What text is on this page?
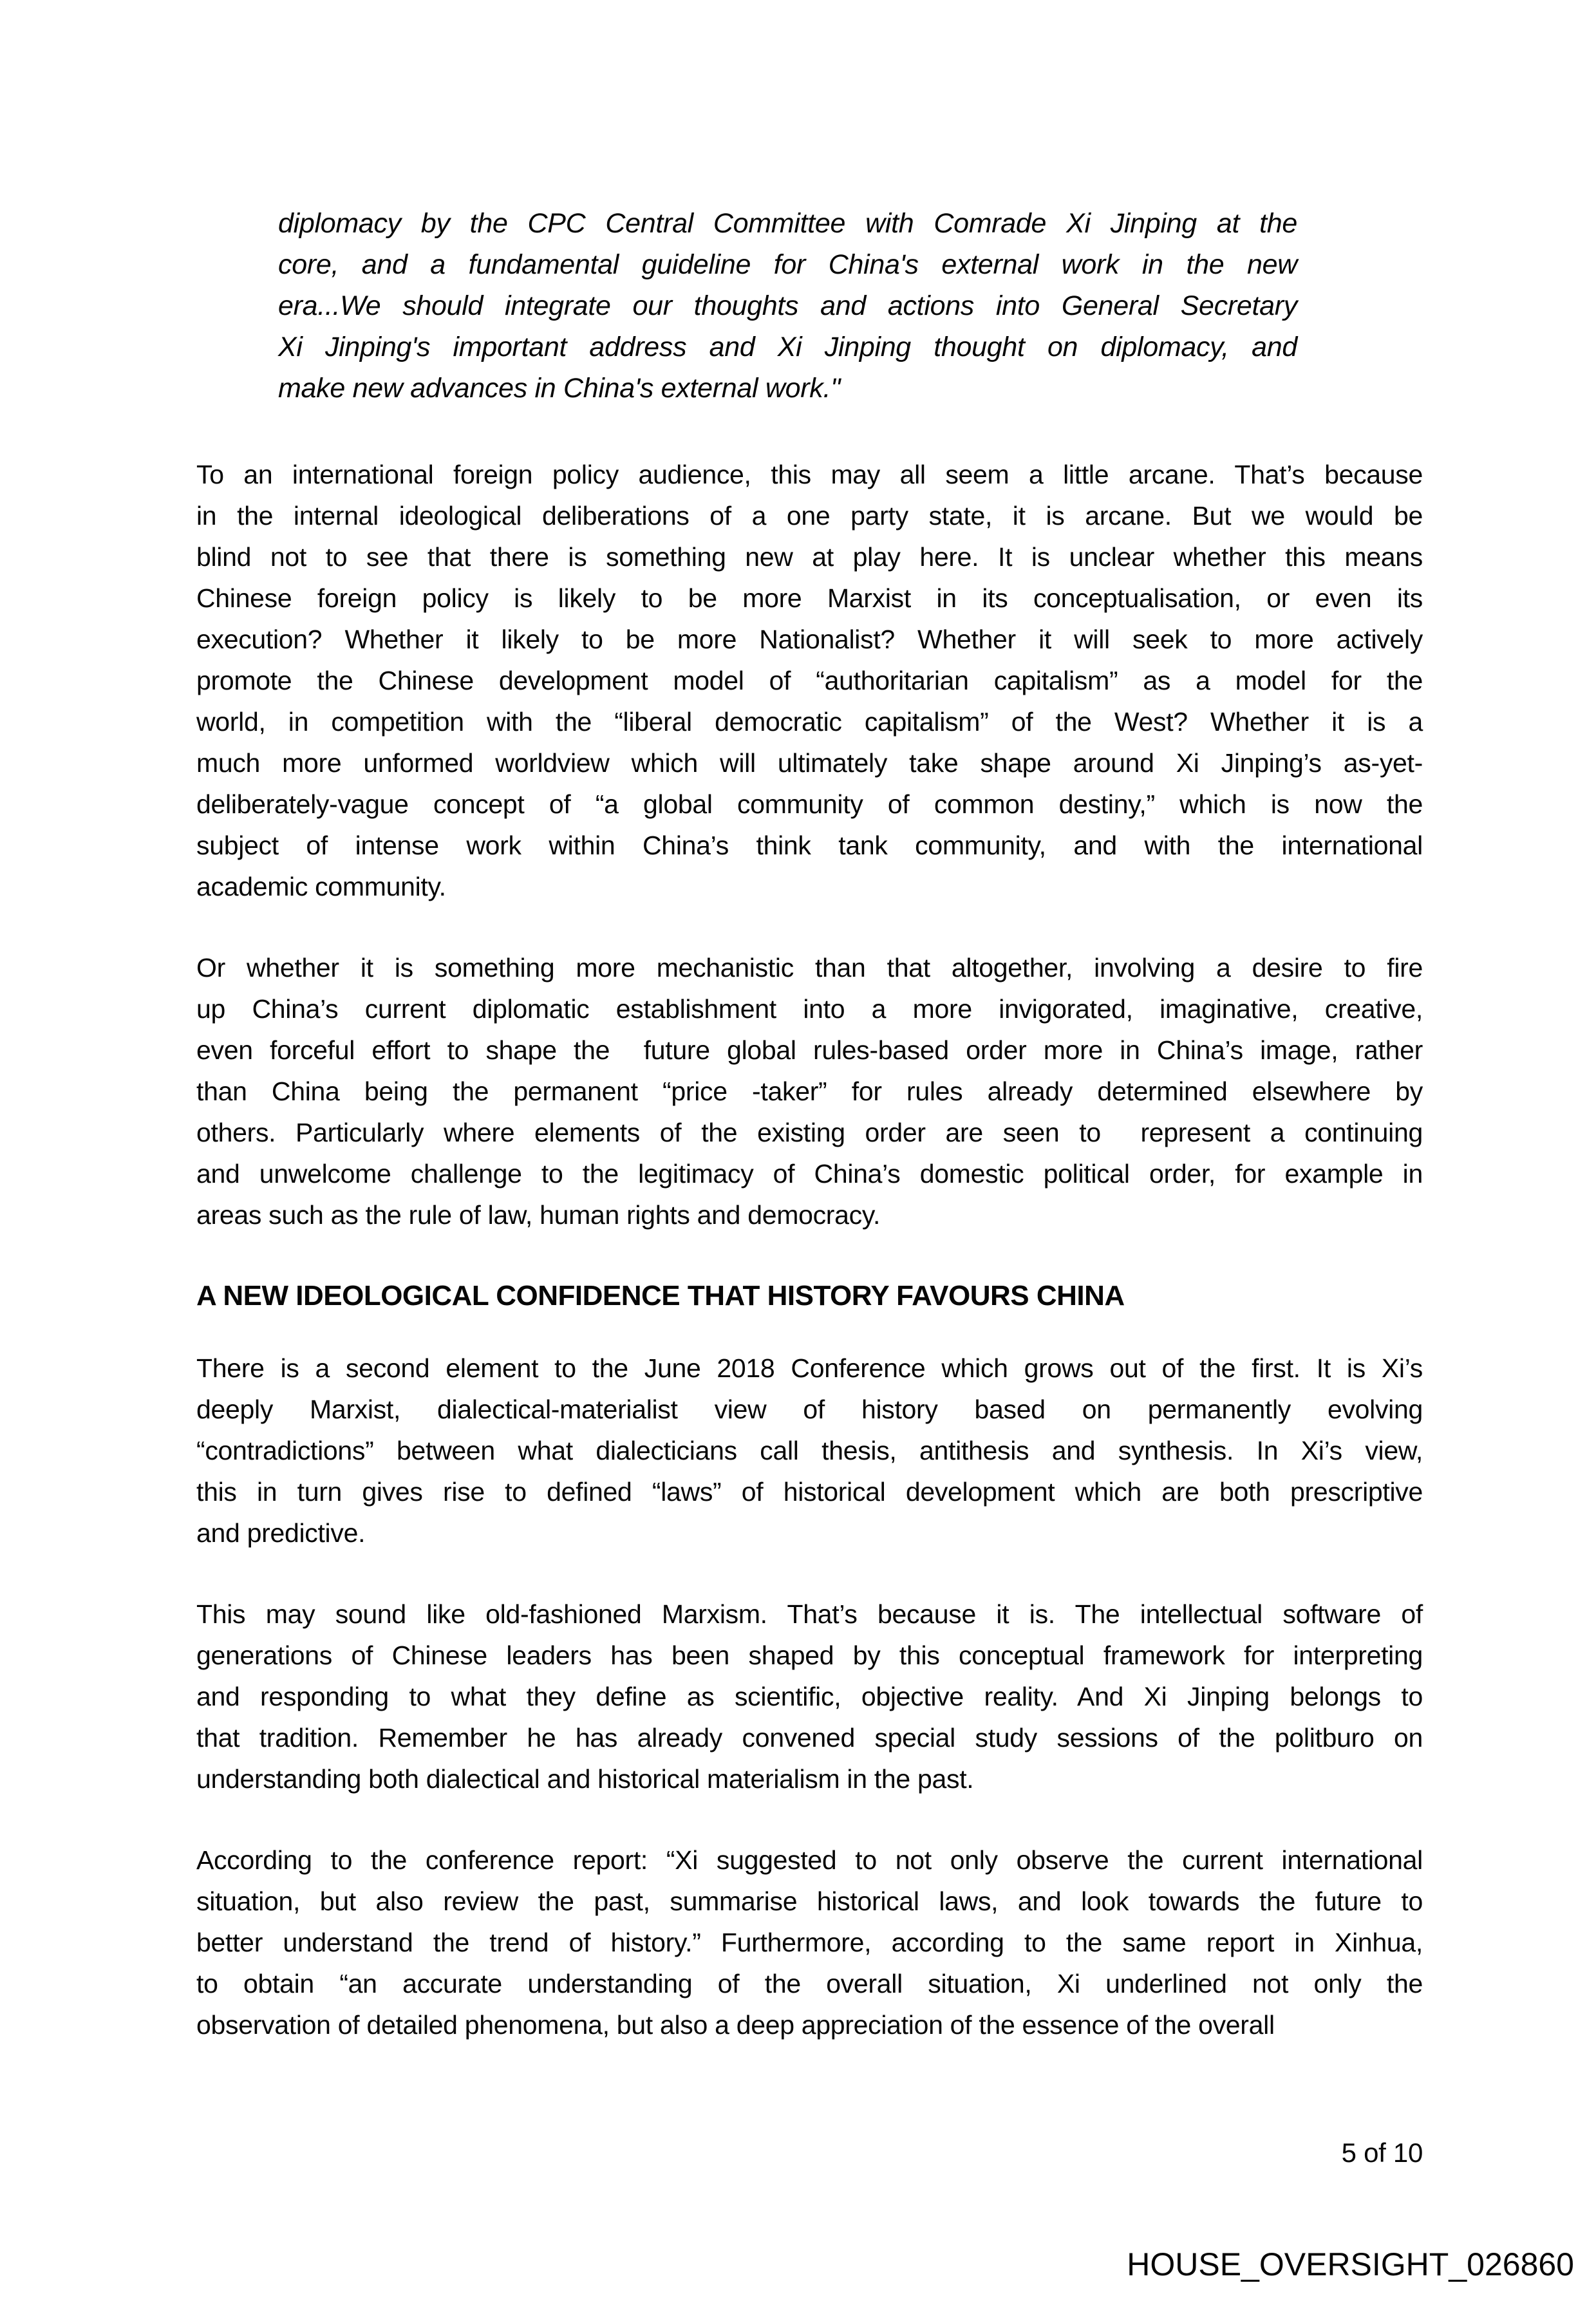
diplomacy by the CPC Central Committee with Comrade Xi Jinping at the
core, and a fundamental guideline for China's external work in the new
era...We should integrate our thoughts and actions into General Secretary
Xi Jinping's important address and Xi Jinping thought on diplomacy, and
make new advances in China's external work."
To an international foreign policy audience, this may all seem a little arcane. That’s because
in the internal ideological deliberations of a one party state, it is arcane. But we would be
blind not to see that there is something new at play here. It is unclear whether this means
Chinese foreign policy is likely to be more Marxist in its conceptualisation, or even its
execution? Whether it likely to be more Nationalist? Whether it will seek to more actively
promote the Chinese development model of “authoritarian capitalism” as a model for the
world, in competition with the “liberal democratic capitalism” of the West? Whether it is a
much more unformed worldview which will ultimately take shape around Xi Jinping’s as-yet-
deliberately-vague concept of “a global community of common destiny,” which is now the
subject of intense work within China’s think tank community, and with the international
academic community.
Or whether it is something more mechanistic than that altogether, involving a desire to fire
up China’s current diplomatic establishment into a more invigorated, imaginative, creative,
even forceful effort to shape the  future global rules-based order more in China’s image, rather
than China being the permanent “price -taker” for rules already determined elsewhere by
others. Particularly where elements of the existing order are seen to  represent a continuing
and unwelcome challenge to the legitimacy of China’s domestic political order, for example in
areas such as the rule of law, human rights and democracy.
A NEW IDEOLOGICAL CONFIDENCE THAT HISTORY FAVOURS CHINA
There is a second element to the June 2018 Conference which grows out of the first. It is Xi’s
deeply Marxist, dialectical-materialist view of history based on permanently evolving
“contradictions” between what dialecticians call thesis, antithesis and synthesis. In Xi’s view,
this in turn gives rise to defined “laws” of historical development which are both prescriptive
and predictive.
This may sound like old-fashioned Marxism. That’s because it is. The intellectual software of
generations of Chinese leaders has been shaped by this conceptual framework for interpreting
and responding to what they define as scientific, objective reality. And Xi Jinping belongs to
that tradition. Remember he has already convened special study sessions of the politburo on
understanding both dialectical and historical materialism in the past.
According to the conference report: “Xi suggested to not only observe the current international
situation, but also review the past, summarise historical laws, and look towards the future to
better understand the trend of history.” Furthermore, according to the same report in Xinhua,
to obtain “an accurate understanding of the overall situation, Xi underlined not only the
observation of detailed phenomena, but also a deep appreciation of the essence of the overall
5 of 10
HOUSE_OVERSIGHT_026860
